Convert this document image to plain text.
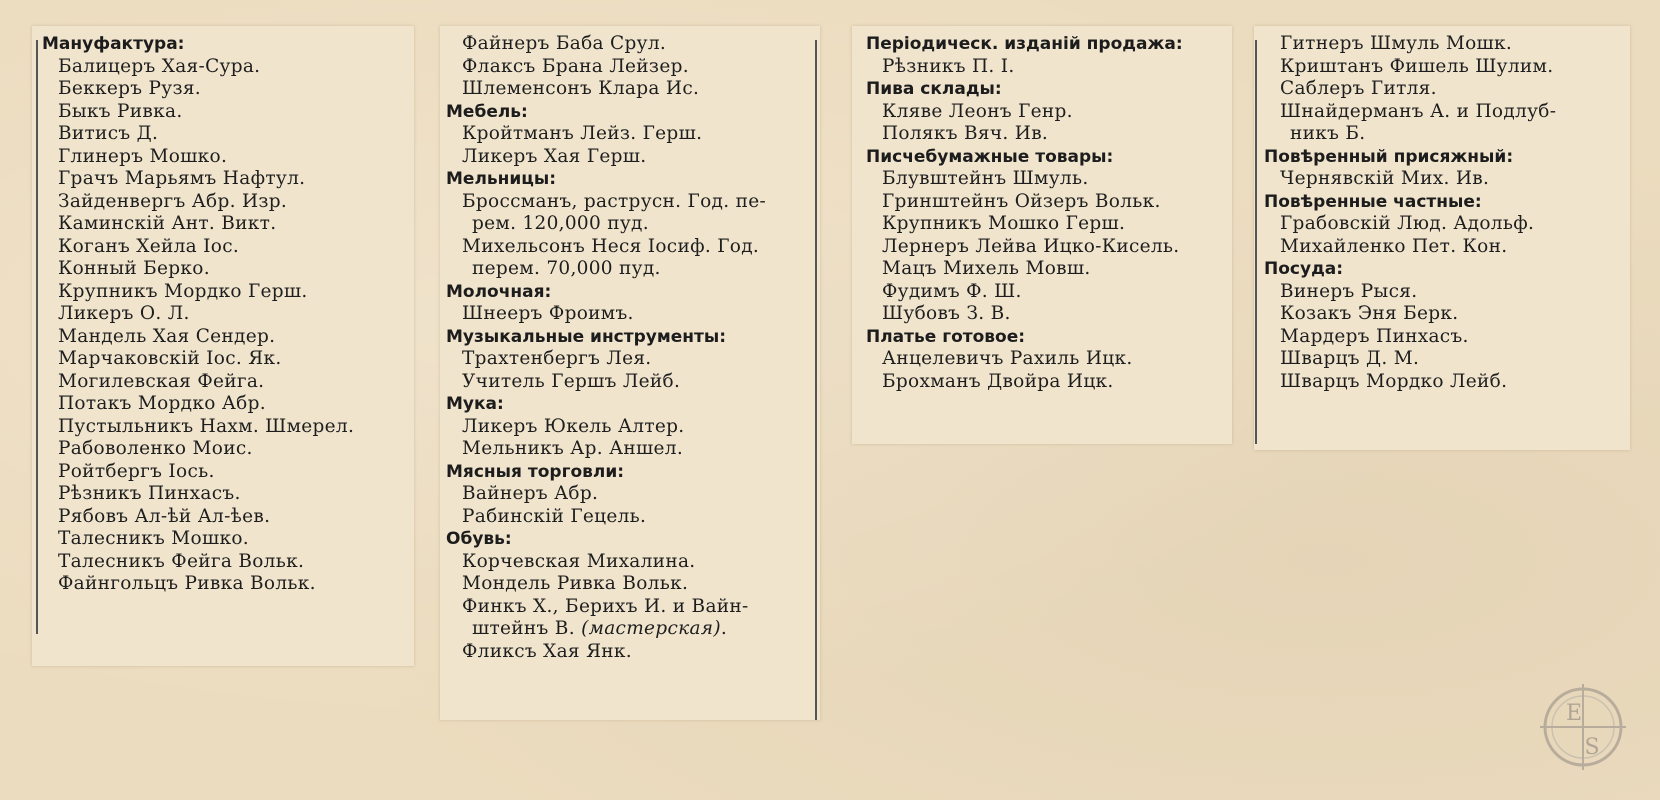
Мануфактура:
Балицеръ Хая-Сура.
Беккеръ Рузя.
Быкъ Ривка.
Витисъ Д.
Глинеръ Мошко.
Грачъ Марьямъ Нафтул.
Зайденвергъ Абр. Изр.
Каминскій Ант. Викт.
Коганъ Хейла Іос.
Конный Берко.
Крупникъ Мордко Герш.
Ликеръ О. Л.
Мандель Хая Сендер.
Марчаковскій Іос. Як.
Могилевская Фейга.
Потакъ Мордко Абр.
Пустыльникъ Нахм. Шмерел.
Рабоволенко Моис.
Ройтбергъ Іось.
Рѣзникъ Пинхасъ.
Рябовъ Ал-ѣй Ал-ѣев.
Талесникъ Мошко.
Талесникъ Фейга Вольк.
Файнгольцъ Ривка Вольк.
Файнеръ Баба Срул.
Флаксъ Брана Лейзер.
Шлеменсонъ Клара Ис.
Мебель:
Кройтманъ Лейз. Герш.
Ликеръ Хая Герш.
Мельницы:
Броссманъ, раструсн. Год. пе-
рем. 120,000 пуд.
Михельсонъ Неся Іосиф. Год.
перем. 70,000 пуд.
Молочная:
Шнееръ Фроимъ.
Музыкальные инструменты:
Трахтенбергъ Лея.
Учитель Гершъ Лейб.
Мука:
Ликеръ Юкель Алтер.
Мельникъ Ар. Аншел.
Мясныя торговли:
Вайнеръ Абр.
Рабинскій Гецель.
Обувь:
Корчевская Михалина.
Мондель Ривка Вольк.
Финкъ Х., Берихъ И. и Вайн-
штейнъ В. (мастерская).
Фликсъ Хая Янк.
Періодическ. изданій продажа:
Рѣзникъ П. І.
Пива склады:
Кляве Леонъ Генр.
Полякъ Вяч. Ив.
Писчебумажные товары:
Блувштейнъ Шмуль.
Гринштейнъ Ойзеръ Вольк.
Крупникъ Мошко Герш.
Лернеръ Лейва Ицко-Кисель.
Мацъ Михель Мовш.
Фудимъ Ф. Ш.
Шубовъ З. В.
Платье готовое:
Анцелевичъ Рахиль Ицк.
Брохманъ Двойра Ицк.
Гитнеръ Шмуль Мошк.
Криштанъ Фишель Шулим.
Саблеръ Гитля.
Шнайдерманъ А. и Подлуб-
никъ Б.
Повѣренный присяжный:
Чернявскій Мих. Ив.
Повѣренные частные:
Грабовскій Люд. Адольф.
Михайленко Пет. Кон.
Посуда:
Винеръ Рыся.
Козакъ Эня Берк.
Мардеръ Пинхасъ.
Шварцъ Д. М.
Шварцъ Мордко Лейб.
E
S
